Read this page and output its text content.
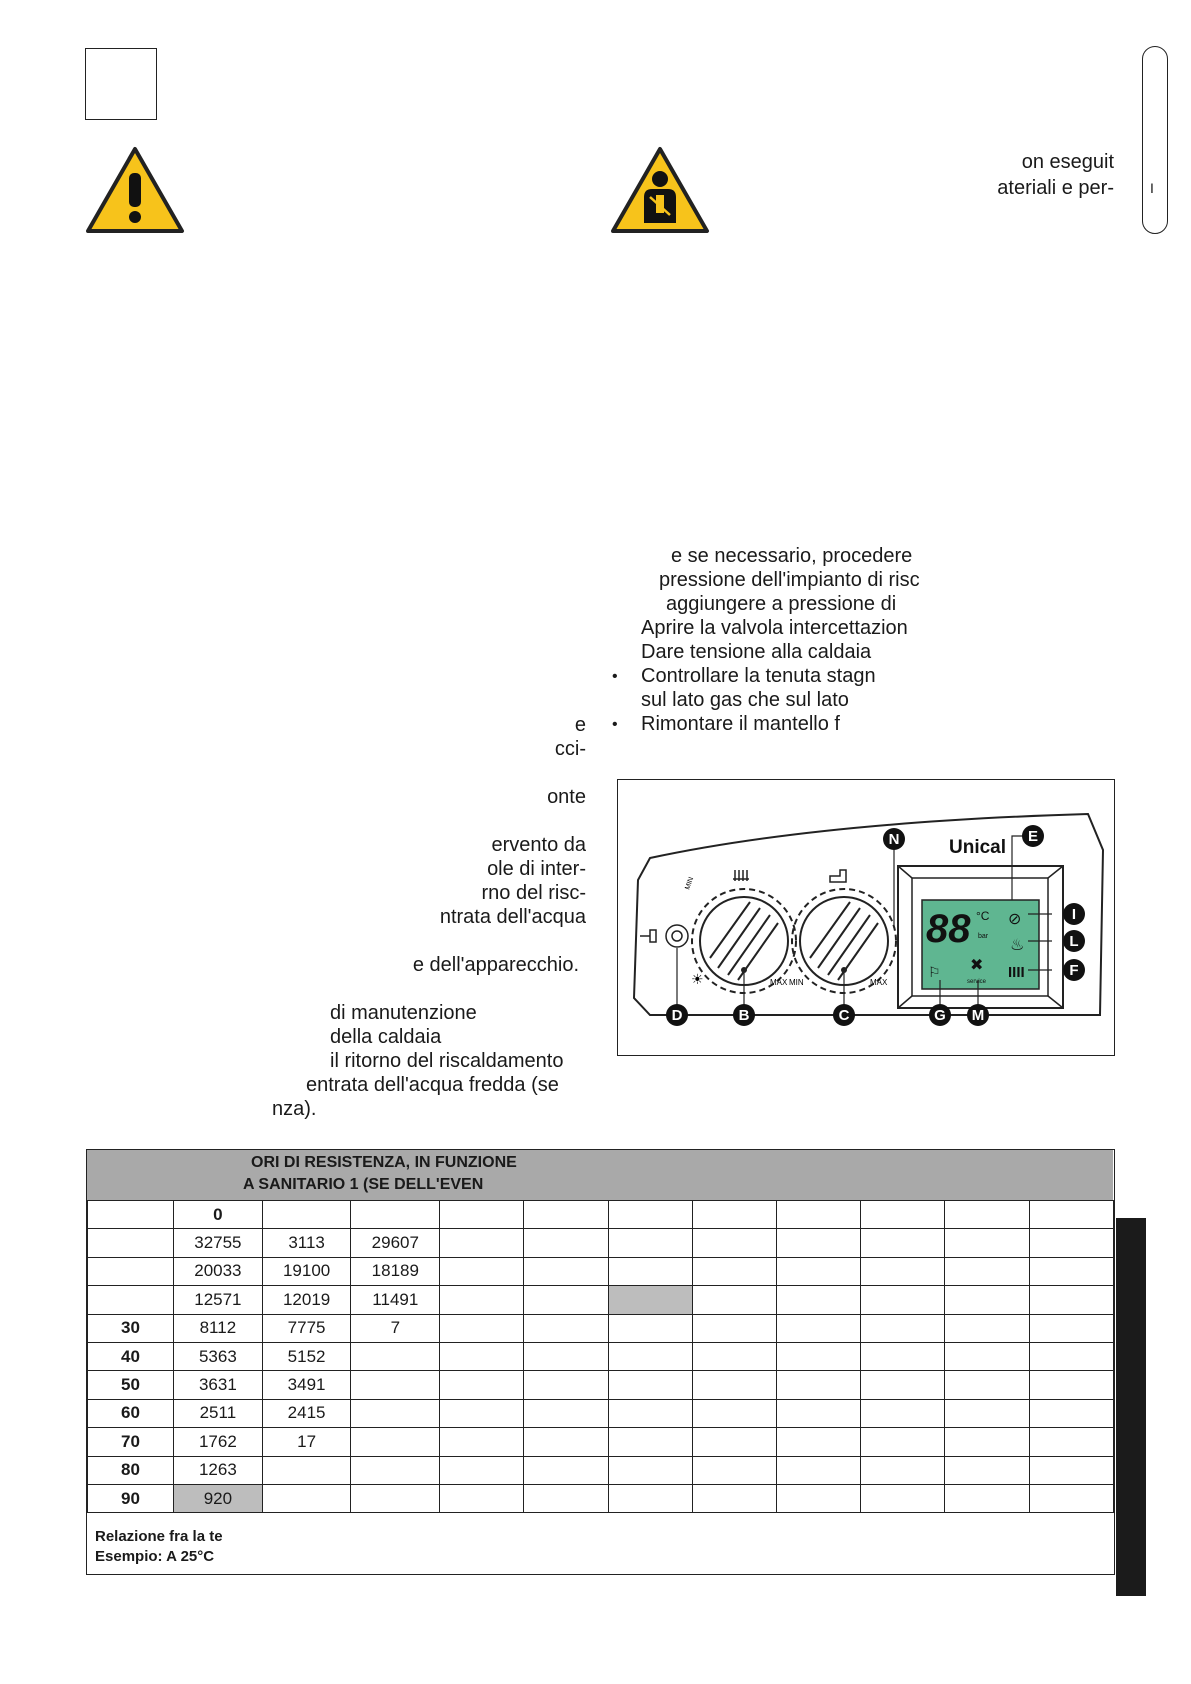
I
on eseguit
ateriali e per-
e se necessario, procedere
pressione dell'impianto di risc
aggiungere a pressione di
Aprire la valvola intercettazion
Dare tensione alla caldaia
• Controllare la tenuta stagn
sul lato gas che sul lato
• Rimontare il mantello f
e
cci-
onte
ervento da
ole di inter-
rno del risc-
ntrata dell'acqua
e dell'apparecchio.
di manutenzione
della caldaia
il ritorno del riscaldamento
entrata dell'acqua fredda (se
nza).
MIN
MAX
☀	MIN	MAX
88 °C
bar
⊘
♨
IIII
⚐ ✖
service
Unical
N	E
I
L
F
D	B	C	G M
ORI DI RESISTENZA, IN FUNZIONE
A SANITARIO 1 (SE DELL'EVEN
	0										
	32755	3113	29607								
	20033	19100	18189								
	12571	12019	11491								
30	8112	7775	7								
40	5363	5152									
50	3631	3491									
60	2511	2415									
70	1762	17									
80	1263										
90	920										
Relazione fra la te
Esempio: A 25°C
